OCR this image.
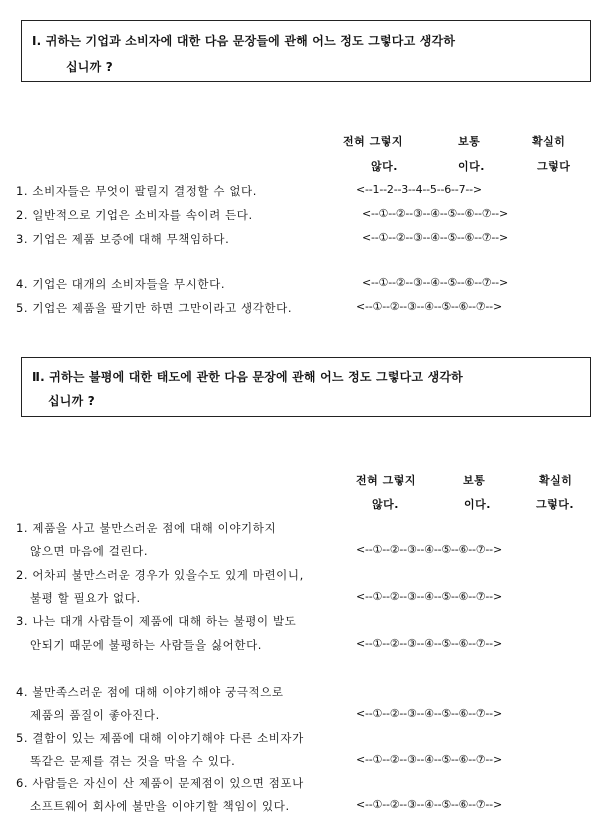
Ⅰ. 귀하는 기업과 소비자에 대한 다음 문장들에 관해 어느 정도 그렇다고 생각하
십니까 ?
전혀 그렇지	보통	확실히
않다.	이다.	그렇다
1. 소비자들은 무엇이 팔릴지 결정할 수 없다.	<--1--2--3--4--5--6--7-->
2. 일반적으로 기업은 소비자를 속이려 든다.	<--①--②--③--④--⑤--⑥--⑦-->
3. 기업은 제품 보증에 대해 무책임하다.	<--①--②--③--④--⑤--⑥--⑦-->
4. 기업은 대개의 소비자들을 무시한다.	<--①--②--③--④--⑤--⑥--⑦-->
5. 기업은 제품을 팔기만 하면 그만이라고 생각한다.	<--①--②--③--④--⑤--⑥--⑦-->
Ⅱ. 귀하는 불평에 대한 태도에 관한 다음 문장에 관해 어느 정도 그렇다고 생각하
십니까 ?
전혀 그렇지	보통	확실히
않다.	이다.	그렇다.
1. 제품을 사고 불만스러운 점에 대해 이야기하지
않으면 마음에 걸린다.	<--①--②--③--④--⑤--⑥--⑦-->
2. 어차피 불만스러운 경우가 있을수도 있게 마련이니,
불평 할 필요가 없다.	<--①--②--③--④--⑤--⑥--⑦-->
3. 나는 대개 사람들이 제품에 대해 하는 불평이 발도
안되기 때문에 불평하는 사람들을 싫어한다.	<--①--②--③--④--⑤--⑥--⑦-->
4. 불만족스러운 점에 대해 이야기해야 궁극적으로
제품의 품질이 좋아진다.	<--①--②--③--④--⑤--⑥--⑦-->
5. 결함이 있는 제품에 대해 이야기해야 다른 소비자가
똑같은 문제를 겪는 것을 막을 수 있다.	<--①--②--③--④--⑤--⑥--⑦-->
6. 사람들은 자신이 산 제품이 문제점이 있으면 점포나
소프트웨어 회사에 불만을 이야기할 책임이 있다.	<--①--②--③--④--⑤--⑥--⑦-->
